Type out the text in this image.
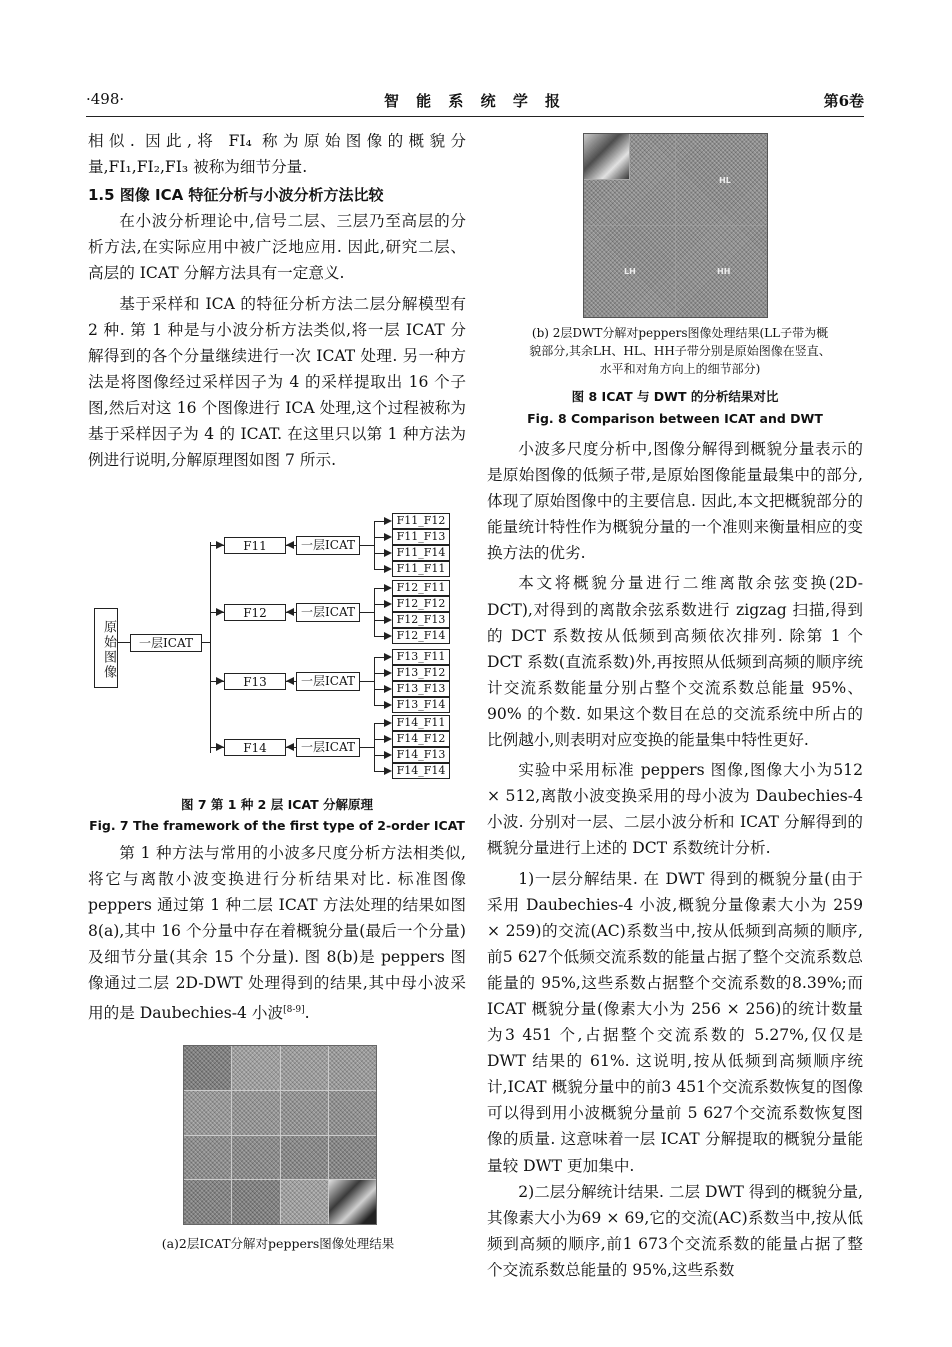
·498·	智 能 系 统 学 报	第6卷

相似. 因此,将 FI₄ 称为原始图像的概貌分量,FI₁,FI₂,FI₃ 被称为细节分量.

1.5 图像 ICA 特征分析与小波分析方法比较

在小波分析理论中,信号二层、三层乃至高层的分析方法,在实际应用中被广泛地应用. 因此,研究二层、高层的 ICAT 分解方法具有一定意义.

基于采样和 ICA 的特征分析方法二层分解模型有 2 种. 第 1 种是与小波分析方法类似,将一层 ICAT 分解得到的各个分量继续进行一次 ICAT 处理. 另一种方法是将图像经过采样因子为 4 的采样提取出 16 个子图,然后对这 16 个图像进行 ICA 处理,这个过程被称为基于采样因子为 4 的 ICAT. 在这里只以第 1 种方法为例进行说明,分解原理图如图 7 所示.

原始图像	一层ICAT
F11	一层ICAT
F11_F12
F11_F13
F11_F14
F11_F11
F12	一层ICAT
F12_F11
F12_F12
F12_F13
F12_F14
F13	一层ICAT
F13_F11
F13_F12
F13_F13
F13_F14
F14	一层ICAT
F14_F11
F14_F12
F14_F13
F14_F14
图 7 第 1 种 2 层 ICAT 分解原理
Fig. 7 The framework of the first type of 2-order ICAT

第 1 种方法与常用的小波多尺度分析方法相类似,将它与离散小波变换进行分析结果对比. 标准图像 peppers 通过第 1 种二层 ICAT 方法处理的结果如图 8(a),其中 16 个分量中存在着概貌分量(最后一个分量)及细节分量(其余 15 个分量). 图 8(b)是 peppers 图像通过二层 2D-DWT 处理得到的结果,其中母小波采用的是 Daubechies-4 小波[8-9].

(a)2层ICAT分解对peppers图像处理结果
HL
LH	HH
(b) 2层DWT分解对peppers图像处理结果(LL子带为概貌部分,其余LH、HL、HH子带分别是原始图像在竖直、水平和对角方向上的细节部分)
图 8 ICAT 与 DWT 的分析结果对比
Fig. 8 Comparison between ICAT and DWT

小波多尺度分析中,图像分解得到概貌分量表示的是原始图像的低频子带,是原始图像能量最集中的部分,体现了原始图像中的主要信息. 因此,本文把概貌部分的能量统计特性作为概貌分量的一个准则来衡量相应的变换方法的优劣.

本文将概貌分量进行二维离散余弦变换(2D-DCT),对得到的离散余弦系数进行 zigzag 扫描,得到的 DCT 系数按从低频到高频依次排列. 除第 1 个 DCT 系数(直流系数)外,再按照从低频到高频的顺序统计交流系数能量分别占整个交流系数总能量 95%、90% 的个数. 如果这个数目在总的交流系统中所占的比例越小,则表明对应变换的能量集中特性更好.

实验中采用标准 peppers 图像,图像大小为512 × 512,离散小波变换采用的母小波为 Daubechies-4 小波. 分别对一层、二层小波分析和 ICAT 分解得到的概貌分量进行上述的 DCT 系数统计分析.

1)一层分解结果. 在 DWT 得到的概貌分量(由于采用 Daubechies-4 小波,概貌分量像素大小为 259 × 259)的交流(AC)系数当中,按从低频到高频的顺序,前5 627个低频交流系数的能量占据了整个交流系数总能量的 95%,这些系数占据整个交流系数的8.39%;而 ICAT 概貌分量(像素大小为 256 × 256)的统计数量为3 451 个,占据整个交流系数的 5.27%,仅仅是 DWT 结果的 61%. 这说明,按从低频到高频顺序统计,ICAT 概貌分量中的前3 451个交流系数恢复的图像可以得到用小波概貌分量前 5 627个交流系数恢复图像的质量. 这意味着一层 ICAT 分解提取的概貌分量能量较 DWT 更加集中.

2)二层分解统计结果. 二层 DWT 得到的概貌分量,其像素大小为69 × 69,它的交流(AC)系数当中,按从低频到高频的顺序,前1 673个交流系数的能量占据了整个交流系数总能量的 95%,这些系数
